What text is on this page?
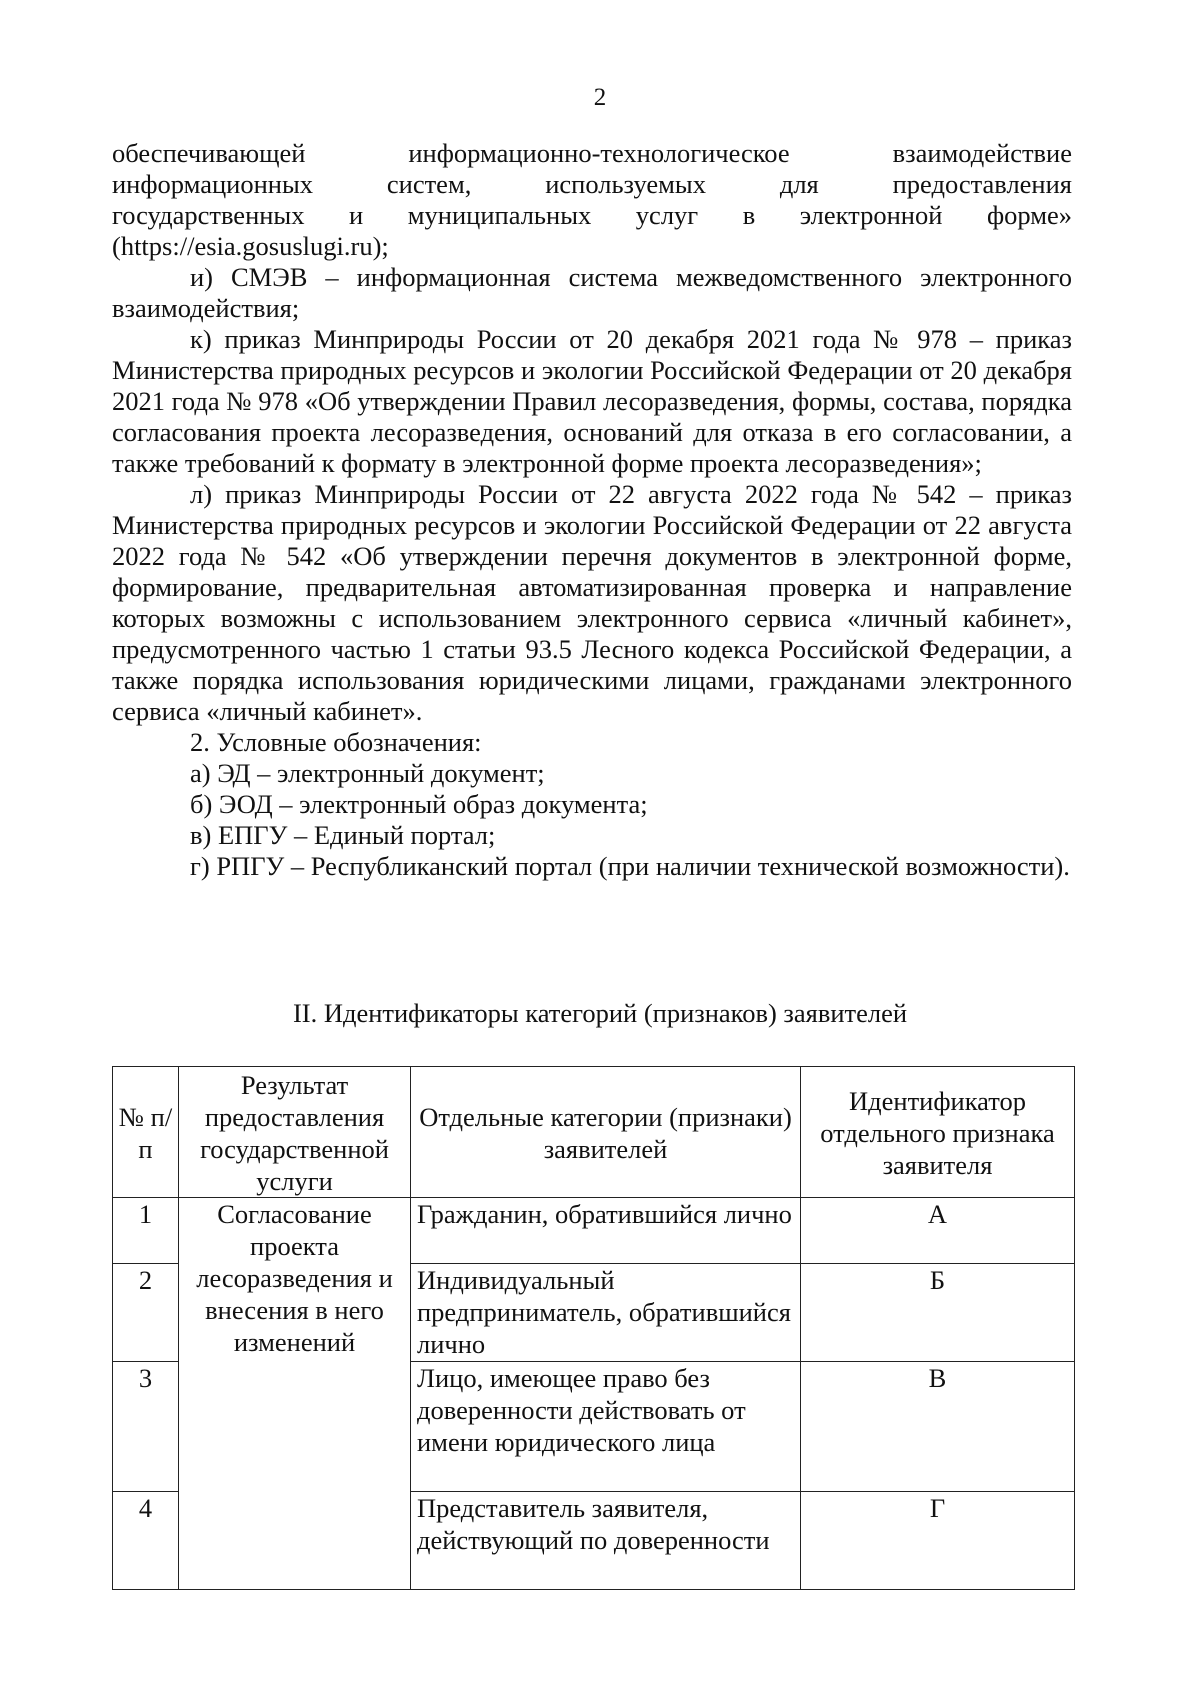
2

обеспечивающей информационно-технологическое взаимодействие

информационных систем, используемых для предоставления

государственных и муниципальных услуг в электронной форме»

(https://esia.gosuslugi.ru);

и) СМЭВ – информационная система межведомственного электронного взаимодействия;

к) приказ Минприроды России от 20 декабря 2021 года № 978 – приказ Министерства природных ресурсов и экологии Российской Федерации от 20 декабря 2021 года № 978 «Об утверждении Правил лесоразведения, формы, состава, порядка согласования проекта лесоразведения, оснований для отказа в его согласовании, а также требований к формату в электронной форме проекта лесоразведения»;

л) приказ Минприроды России от 22 августа 2022 года № 542 – приказ Министерства природных ресурсов и экологии Российской Федерации от 22 августа 2022 года № 542 «Об утверждении перечня документов в электронной форме, формирование, предварительная автоматизированная проверка и направление которых возможны с использованием электронного сервиса «личный кабинет», предусмотренного частью 1 статьи 93.5 Лесного кодекса Российской Федерации, а также порядка использования юридическими лицами, гражданами электронного сервиса «личный кабинет».

2. Условные обозначения:

а) ЭД – электронный документ;

б) ЭОД – электронный образ документа;

в) ЕПГУ – Единый портал;

г) РПГУ – Республиканский портал (при наличии технической возможности).

II. Идентификаторы категорий (признаков) заявителей
№ п/п	Результат предоставления государственной услуги	Отдельные категории (признаки) заявителей	Идентификатор отдельного признака заявителя
1	Согласование проекта лесоразведения и внесения в него изменений	Гражданин, обратившийся лично	А
2		Индивидуальный предприниматель, обратившийся лично	Б
3		Лицо, имеющее право без доверенности действовать от имени юридического лица	В
4		Представитель заявителя, действующий по доверенности	Г
